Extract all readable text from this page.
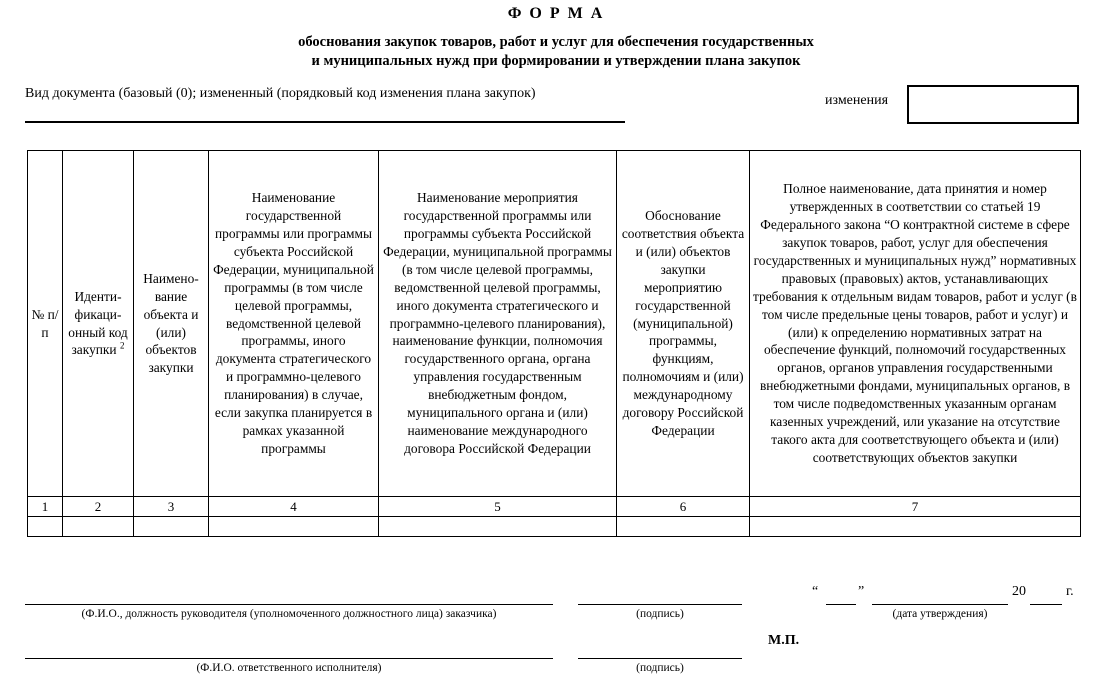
Ф О Р М А
обоснования закупок товаров, работ и услуг для обеспечения государственных
и муниципальных нужд при формировании и утверждении плана закупок
Вид документа (базовый (0); измененный (порядковый код изменения плана закупок)	изменения
№ п/п	Иденти-фикаци-онный код закупки $^2$	Наимено-вание объекта и (или) объектов закупки	Наименование государственной программы или программы субъекта Российской Федерации, муниципальной программы (в том числе целевой программы, ведомственной целевой программы, иного документа стратегического и программно-целевого планирования) в случае, если закупка планируется в рамках указанной программы	Наименование мероприятия государственной программы или программы субъекта Российской Федерации, муниципальной программы (в том числе целевой программы, ведомственной целевой программы, иного документа стратегического и программно-целевого планирования), наименование функции, полномочия государственного органа, органа управления государственным внебюджетным фондом, муниципального органа и (или) наименование международного договора Российской Федерации	Обоснование соответствия объекта и (или) объектов закупки мероприятию государственной (муниципальной) программы, функциям, полномочиям и (или) международному договору Российской Федерации	Полное наименование, дата принятия и номер утвержденных в соответствии со статьей 19 Федерального закона “О контрактной системе в сфере закупок товаров, работ, услуг для обеспечения государственных и муниципальных нужд” нормативных правовых (правовых) актов, устанавливающих требования к отдельным видам товаров, работ и услуг (в том числе предельные цены товаров, работ и услуг) и (или) к определению нормативных затрат на обеспечение функций, полномочий государственных органов, органов управления государственными внебюджетными фондами, муниципальных органов, в том числе подведомственных указанным органам казенных учреждений, или указание на отсутствие такого акта для соответствующего объекта и (или) соответствующих объектов закупки
1	2	3	4	5	6	7

(Ф.И.О., должность руководителя (уполномоченного должностного лица) заказчика)	(подпись)
“	”
(дата утверждения)
20	г.
М.П.
(Ф.И.О. ответственного исполнителя)	(подпись)
